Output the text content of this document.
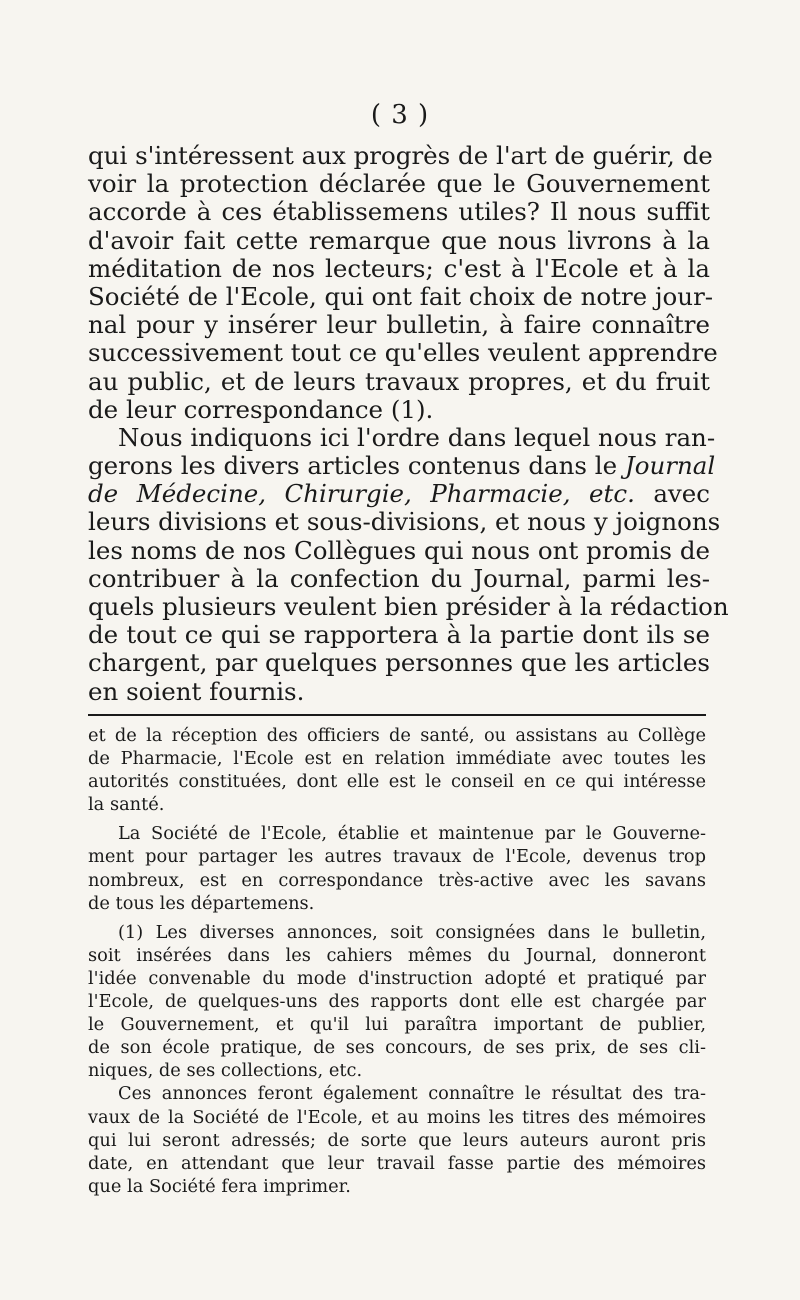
( 3 )
qui s'intéressent aux progrès de l'art de guérir, de
voir la protection déclarée que le Gouvernement
accorde à ces établissemens utiles? Il nous suffit
d'avoir fait cette remarque que nous livrons à la
méditation de nos lecteurs; c'est à l'Ecole et à la
Société de l'Ecole, qui ont fait choix de notre jour-
nal pour y insérer leur bulletin, à faire connaître
successivement tout ce qu'elles veulent apprendre
au public, et de leurs travaux propres, et du fruit
de leur correspondance (1).
Nous indiquons ici l'ordre dans lequel nous ran-
gerons les divers articles contenus dans le Journal
de Médecine, Chirurgie, Pharmacie, etc. avec
leurs divisions et sous-divisions, et nous y joignons
les noms de nos Collègues qui nous ont promis de
contribuer à la confection du Journal, parmi les-
quels plusieurs veulent bien présider à la rédaction
de tout ce qui se rapportera à la partie dont ils se
chargent, par quelques personnes que les articles
en soient fournis.
et de la réception des officiers de santé, ou assistans au Collège
de Pharmacie, l'Ecole est en relation immédiate avec toutes les
autorités constituées, dont elle est le conseil en ce qui intéresse
la santé.
La Société de l'Ecole, établie et maintenue par le Gouverne-
ment pour partager les autres travaux de l'Ecole, devenus trop
nombreux, est en correspondance très-active avec les savans
de tous les départemens.
(1) Les diverses annonces, soit consignées dans le bulletin,
soit insérées dans les cahiers mêmes du Journal, donneront
l'idée convenable du mode d'instruction adopté et pratiqué par
l'Ecole, de quelques-uns des rapports dont elle est chargée par
le Gouvernement, et qu'il lui paraîtra important de publier,
de son école pratique, de ses concours, de ses prix, de ses cli-
niques, de ses collections, etc.
Ces annonces feront également connaître le résultat des tra-
vaux de la Société de l'Ecole, et au moins les titres des mémoires
qui lui seront adressés; de sorte que leurs auteurs auront pris
date, en attendant que leur travail fasse partie des mémoires
que la Société fera imprimer.
